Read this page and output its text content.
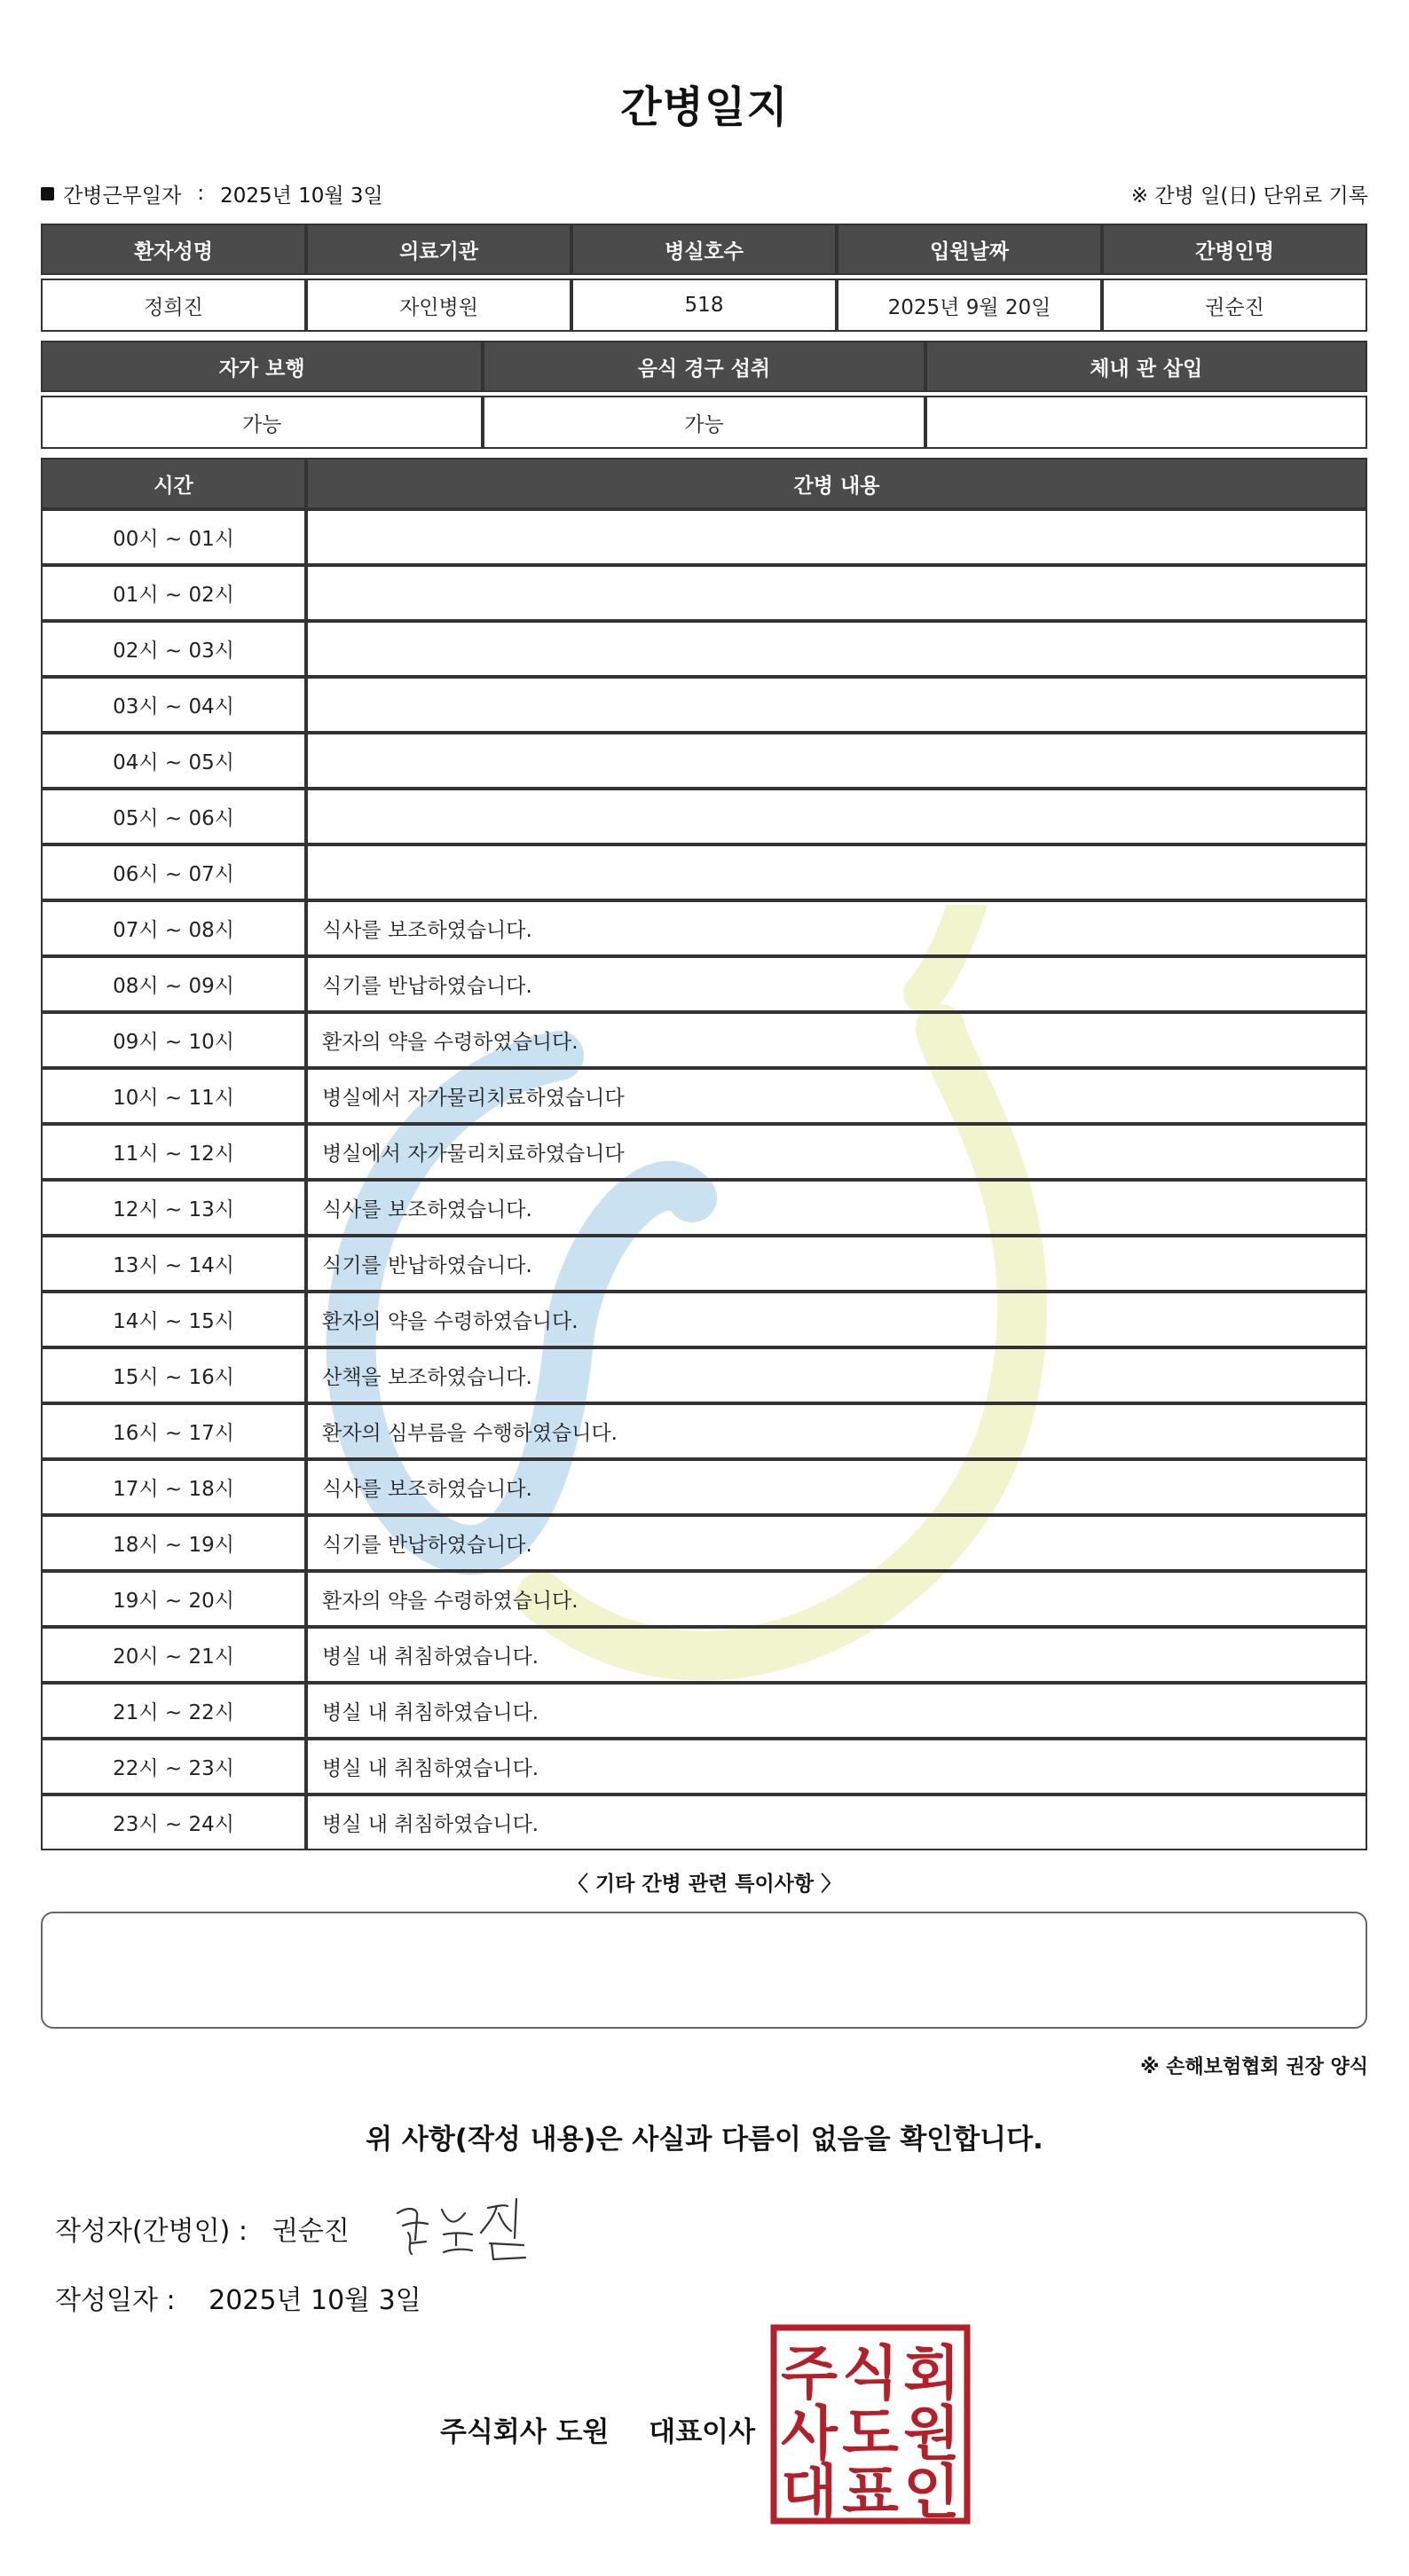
간병일지
간병근무일자 : 2025년 10월 3일	※ 간병 일(日) 단위로 기록
환자성명	의료기관	병실호수	입원날짜	간병인명

정희진	자인병원	518	2025년 9월 20일	권순진
자가 보행	음식 경구 섭취	체내 관 삽입

가능	가능	
시간	간병 내용
00시 ~ 01시	
01시 ~ 02시	
02시 ~ 03시	
03시 ~ 04시	
04시 ~ 05시	
05시 ~ 06시	
06시 ~ 07시	
07시 ~ 08시	식사를 보조하였습니다.
08시 ~ 09시	식기를 반납하였습니다.
09시 ~ 10시	환자의 약을 수령하였습니다.
10시 ~ 11시	병실에서 자가물리치료하였습니다
11시 ~ 12시	병실에서 자가물리치료하였습니다
12시 ~ 13시	식사를 보조하였습니다.
13시 ~ 14시	식기를 반납하였습니다.
14시 ~ 15시	환자의 약을 수령하였습니다.
15시 ~ 16시	산책을 보조하였습니다.
16시 ~ 17시	환자의 심부름을 수행하였습니다.
17시 ~ 18시	식사를 보조하였습니다.
18시 ~ 19시	식기를 반납하였습니다.
19시 ~ 20시	환자의 약을 수령하였습니다.
20시 ~ 21시	병실 내 취침하였습니다.
21시 ~ 22시	병실 내 취침하였습니다.
22시 ~ 23시	병실 내 취침하였습니다.
23시 ~ 24시	병실 내 취침하였습니다.
〈 기타 간병 관련 특이사항 〉
※ 손해보험협회 권장 양식
위 사항(작성 내용)은 사실과 다름이 없음을 확인합니다.
작성자(간병인) : 권순진
작성일자 : 2025년 10월 3일
주식회사 도원 대표이사
주 식 회
사 도 원
대 표 인
